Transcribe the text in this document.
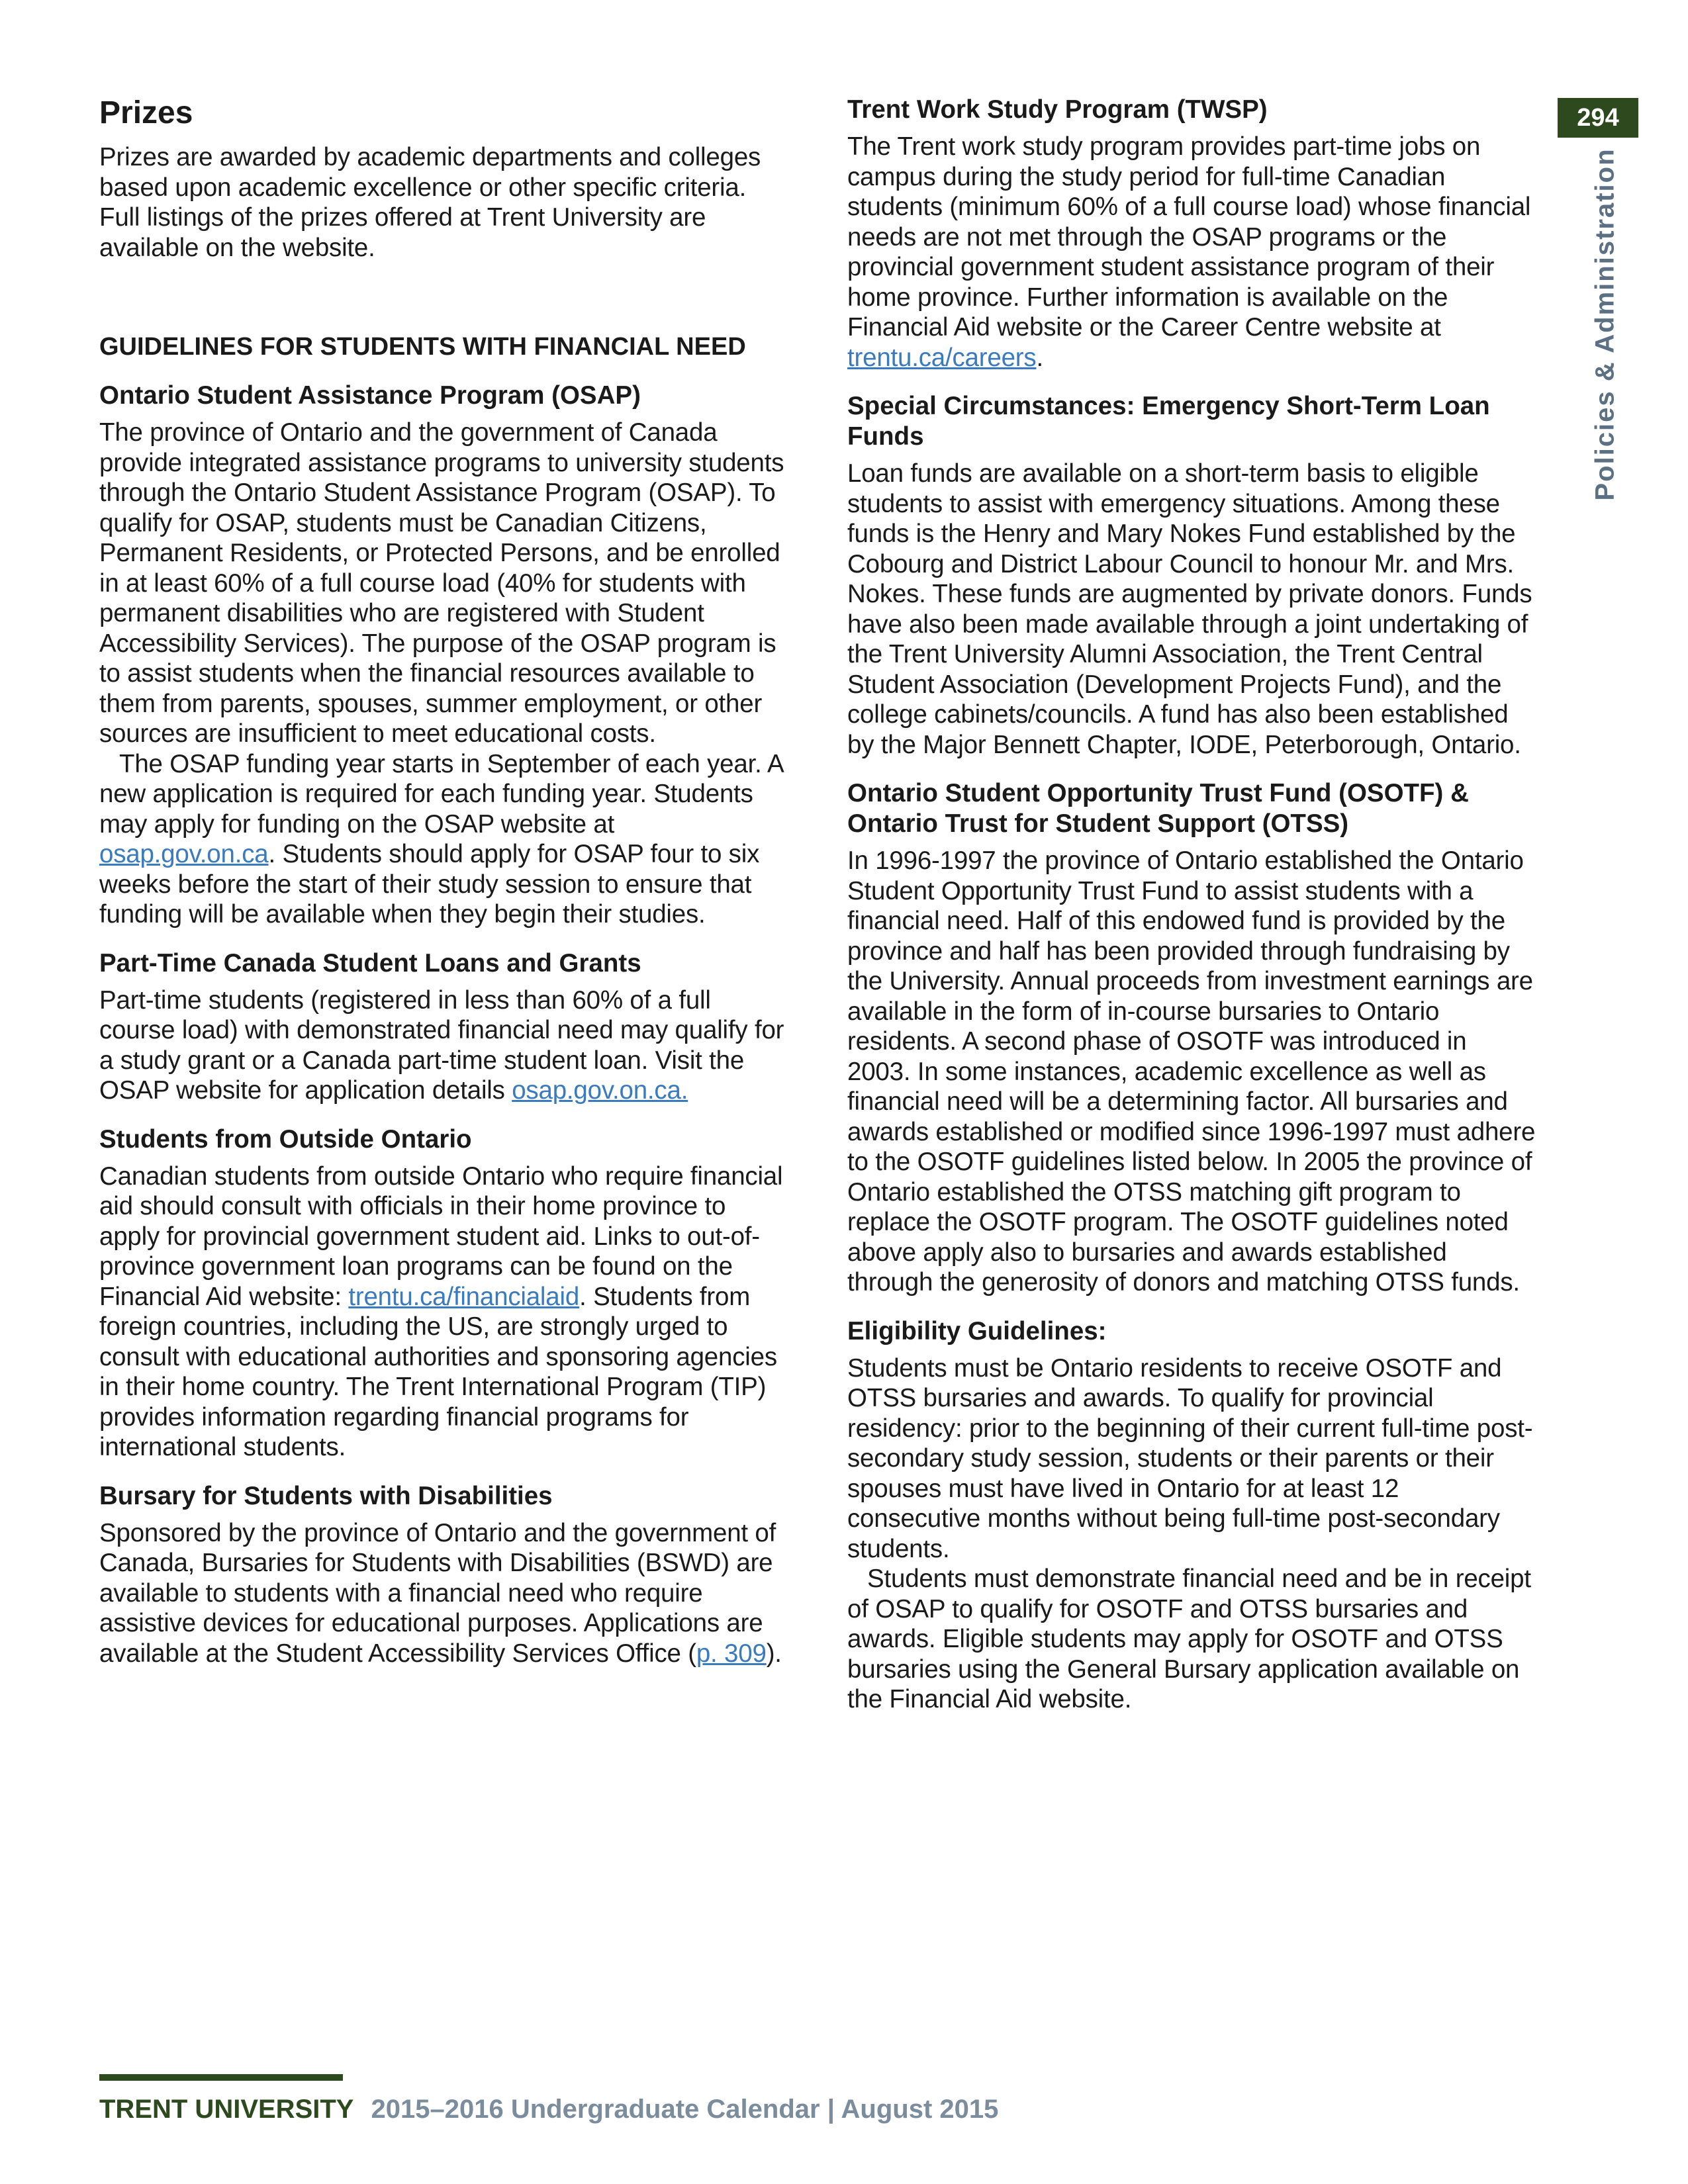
Prizes

Prizes are awarded by academic departments and colleges based upon academic excellence or other specific criteria. Full listings of the prizes offered at Trent University are available on the website.

GUIDELINES FOR STUDENTS WITH FINANCIAL NEED
Ontario Student Assistance Program (OSAP)

The province of Ontario and the government of Canada provide integrated assistance programs to university students through the Ontario Student Assistance Program (OSAP). To qualify for OSAP, students must be Canadian Citizens, Permanent Residents, or Protected Persons, and be enrolled in at least 60% of a full course load (40% for students with permanent disabilities who are registered with Student Accessibility Services). The purpose of the OSAP program is to assist students when the financial resources available to them from parents, spouses, summer employment, or other sources are insufficient to meet educational costs.

The OSAP funding year starts in September of each year. A new application is required for each funding year. Students may apply for funding on the OSAP website at osap.gov.on.ca. Students should apply for OSAP four to six weeks before the start of their study session to ensure that funding will be available when they begin their studies.

Part-Time Canada Student Loans and Grants

Part-time students (registered in less than 60% of a full course load) with demonstrated financial need may qualify for a study grant or a Canada part-time student loan. Visit the OSAP website for application details osap.gov.on.ca.

Students from Outside Ontario

Canadian students from outside Ontario who require financial aid should consult with officials in their home province to apply for provincial government student aid. Links to out-of-province government loan programs can be found on the Financial Aid website: trentu.ca/financialaid. Students from foreign countries, including the US, are strongly urged to consult with educational authorities and sponsoring agencies in their home country. The Trent International Program (TIP) provides information regarding financial programs for international students.

Bursary for Students with Disabilities

Sponsored by the province of Ontario and the government of Canada, Bursaries for Students with Disabilities (BSWD) are available to students with a financial need who require assistive devices for educational purposes. Applications are available at the Student Accessibility Services Office (p. 309).

Trent Work Study Program (TWSP)

The Trent work study program provides part-time jobs on campus during the study period for full-time Canadian students (minimum 60% of a full course load) whose financial needs are not met through the OSAP programs or the provincial government student assistance program of their home province. Further information is available on the Financial Aid website or the Career Centre website at trentu.ca/careers.

Special Circumstances: Emergency Short-Term Loan Funds

Loan funds are available on a short-term basis to eligible students to assist with emergency situations. Among these funds is the Henry and Mary Nokes Fund established by the Cobourg and District Labour Council to honour Mr. and Mrs. Nokes. These funds are augmented by private donors. Funds have also been made available through a joint undertaking of the Trent University Alumni Association, the Trent Central Student Association (Development Projects Fund), and the college cabinets/councils. A fund has also been established by the Major Bennett Chapter, IODE, Peterborough, Ontario.

Ontario Student Opportunity Trust Fund (OSOTF) & Ontario Trust for Student Support (OTSS)

In 1996-1997 the province of Ontario established the Ontario Student Opportunity Trust Fund to assist students with a financial need. Half of this endowed fund is provided by the province and half has been provided through fundraising by the University. Annual proceeds from investment earnings are available in the form of in-course bursaries to Ontario residents. A second phase of OSOTF was introduced in 2003. In some instances, academic excellence as well as financial need will be a determining factor. All bursaries and awards established or modified since 1996-1997 must adhere to the OSOTF guidelines listed below. In 2005 the province of Ontario established the OTSS matching gift program to replace the OSOTF program. The OSOTF guidelines noted above apply also to bursaries and awards established through the generosity of donors and matching OTSS funds.

Eligibility Guidelines:

Students must be Ontario residents to receive OSOTF and OTSS bursaries and awards. To qualify for provincial residency: prior to the beginning of their current full-time post-secondary study session, students or their parents or their spouses must have lived in Ontario for at least 12 consecutive months without being full-time post-secondary students.

Students must demonstrate financial need and be in receipt of OSAP to qualify for OSOTF and OTSS bursaries and awards. Eligible students may apply for OSOTF and OTSS bursaries using the General Bursary application available on the Financial Aid website.

294
Policies & Administration
TRENT UNIVERSITY 2015–2016 Undergraduate Calendar | August 2015
